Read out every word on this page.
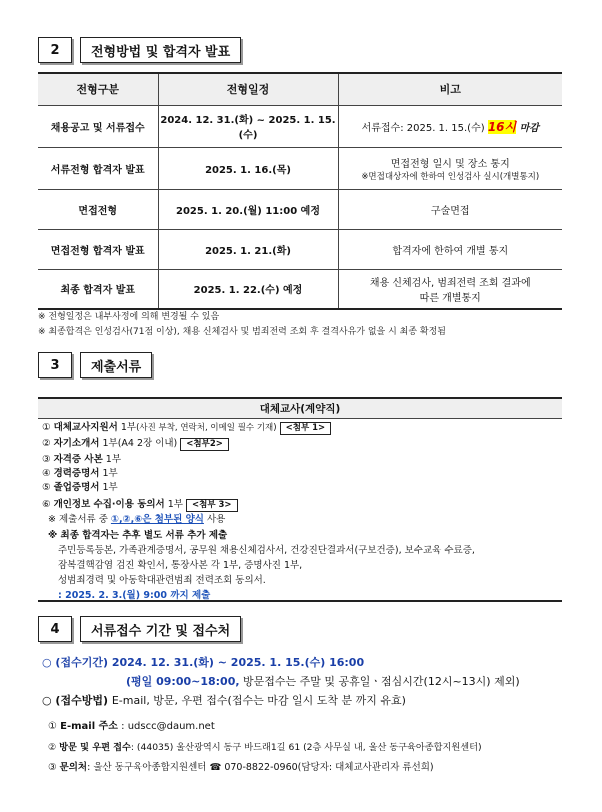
2	전형방법 및 합격자 발표
전형구분	전형일정	비고
채용공고 및 서류접수	2024. 12. 31.(화) ~ 2025. 1. 15.(수)	서류접수: 2025. 1. 15.(수) 16시 마감
서류전형 합격자 발표	2025. 1. 16.(목)	면접전형 일시 및 장소 통지
※면접대상자에 한하여 인성검사 실시(개별통지)

면접전형	2025. 1. 20.(월) 11:00 예정	구술면접
면접전형 합격자 발표	2025. 1. 21.(화)	합격자에 한하여 개별 통지
최종 합격자 발표	2025. 1. 22.(수) 예정	채용 신체검사, 범죄전력 조회 결과에
따른 개별통지
※ 전형일정은 내부사정에 의해 변경될 수 있음
※ 최종합격은 인성검사(71점 이상), 채용 신체검사 및 범죄전력 조회 후 결격사유가 없을 시 최종 확정됨
3	제출서류
대체교사(계약직)
① 대체교사지원서 1부(사진 부착, 연락처, 이메일 필수 기재) <첨부 1>
② 자기소개서 1부(A4 2장 이내) <첨부2>
③ 자격증 사본 1부
④ 경력증명서 1부
⑤ 졸업증명서 1부
⑥ 개인정보 수집·이용 동의서 1부 <첨부 3>
※ 제출서류 중 ①,②,⑥은 첨부된 양식 사용
※ 최종 합격자는 추후 별도 서류 추가 제출
주민등록등본, 가족관계증명서, 공무원 채용신체검사서, 건강진단결과서(구보건증), 보수교육 수료증,
잠복결핵감염 검진 확인서, 통장사본 각 1부, 증명사진 1부,
성범죄경력 및 아동학대관련범죄 전력조회 동의서.
: 2025. 2. 3.(월) 9:00 까지 제출
4	서류접수 기간 및 접수처
○ (접수기간) 2024. 12. 31.(화) ~ 2025. 1. 15.(수) 16:00
(평일 09:00~18:00, 방문접수는 주말 및 공휴일ㆍ점심시간(12시~13시) 제외)
○ (접수방법) E-mail, 방문, 우편 접수(접수는 마감 일시 도착 분 까지 유효)
① E-mail 주소 : udscc@daum.net
② 방문 및 우편 접수: (44035) 울산광역시 동구 바드래1길 61 (2층 사무실 내, 울산 동구육아종합지원센터)
③ 문의처: 울산 동구육아종합지원센터 ☎ 070-8822-0960(담당자: 대체교사관리자 류선희)
